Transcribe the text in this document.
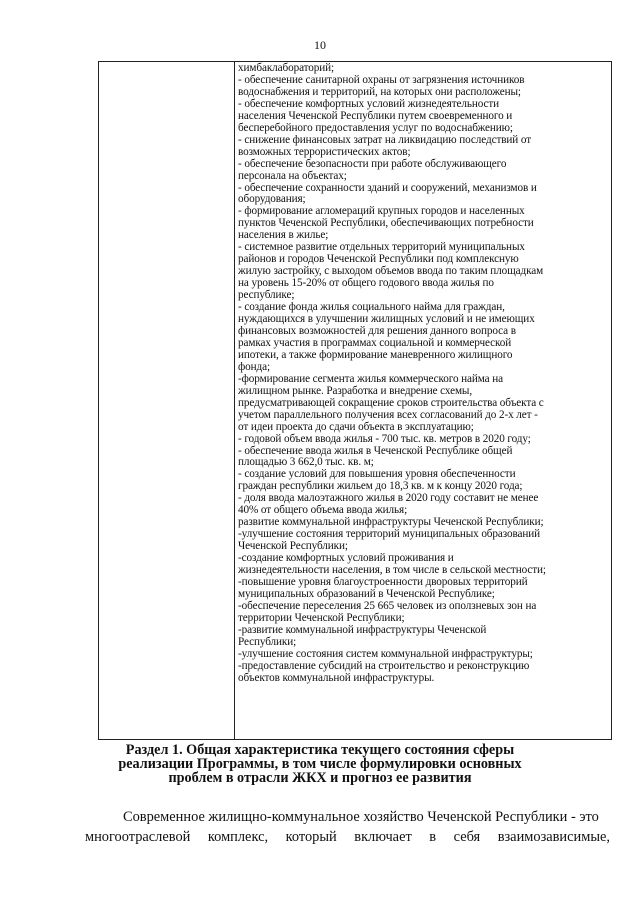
10
химбаклабораторий;
- обеспечение санитарной охраны от загрязнения источников
водоснабжения и территорий, на которых они расположены;
- обеспечение комфортных условий жизнедеятельности
населения Чеченской Республики путем своевременного и
бесперебойного предоставления услуг по водоснабжению;
- снижение финансовых затрат на ликвидацию последствий от
возможных террористических актов;
- обеспечение безопасности при работе обслуживающего
персонала на объектах;
- обеспечение сохранности зданий и сооружений, механизмов и
оборудования;
- формирование агломераций крупных городов и населенных
пунктов Чеченской Республики, обеспечивающих потребности
населения в жилье;
- системное развитие отдельных территорий муниципальных
районов и городов Чеченской Республики под комплексную
жилую застройку, с выходом объемов ввода по таким площадкам
на уровень 15-20% от общего годового ввода жилья по
республике;
- создание фонда жилья социального найма для граждан,
нуждающихся в улучшении жилищных условий и не имеющих
финансовых возможностей для решения данного вопроса в
рамках участия в программах социальной и коммерческой
ипотеки, а также формирование маневренного жилищного
фонда;
-формирование сегмента жилья коммерческого найма на
жилищном рынке. Разработка и внедрение схемы,
предусматривающей сокращение сроков строительства объекта с
учетом параллельного получения всех согласований до 2-х лет -
от идеи проекта до сдачи объекта в эксплуатацию;
- годовой объем ввода жилья - 700 тыс. кв. метров в 2020 году;
- обеспечение ввода жилья в Чеченской Республике общей
площадью 3 662,0 тыс. кв. м;
- создание условий для повышения уровня обеспеченности
граждан республики жильем до 18,3 кв. м к концу 2020 года;
- доля ввода малоэтажного жилья в 2020 году составит не менее
40% от общего объема ввода жилья;
развитие коммунальной инфраструктуры Чеченской Республики;
-улучшение состояния территорий муниципальных образований
Чеченской Республики;
-создание комфортных условий проживания и
жизнедеятельности населения, в том числе в сельской местности;
-повышение уровня благоустроенности дворовых территорий
муниципальных образований в Чеченской Республике;
-обеспечение переселения 25 665 человек из оползневых зон на
территории Чеченской Республики;
-развитие коммунальной инфраструктуры Чеченской
Республики;
-улучшение состояния систем коммунальной инфраструктуры;
-предоставление субсидий на строительство и реконструкцию
объектов коммунальной инфраструктуры.
Раздел 1. Общая характеристика текущего состояния сферы
реализации Программы, в том числе формулировки основных
проблем в отрасли ЖКХ и прогноз ее развития
Современное жилищно-коммунальное хозяйство Чеченской Республики - это
многоотраслевой комплекс, который включает в себя взаимозависимые,
